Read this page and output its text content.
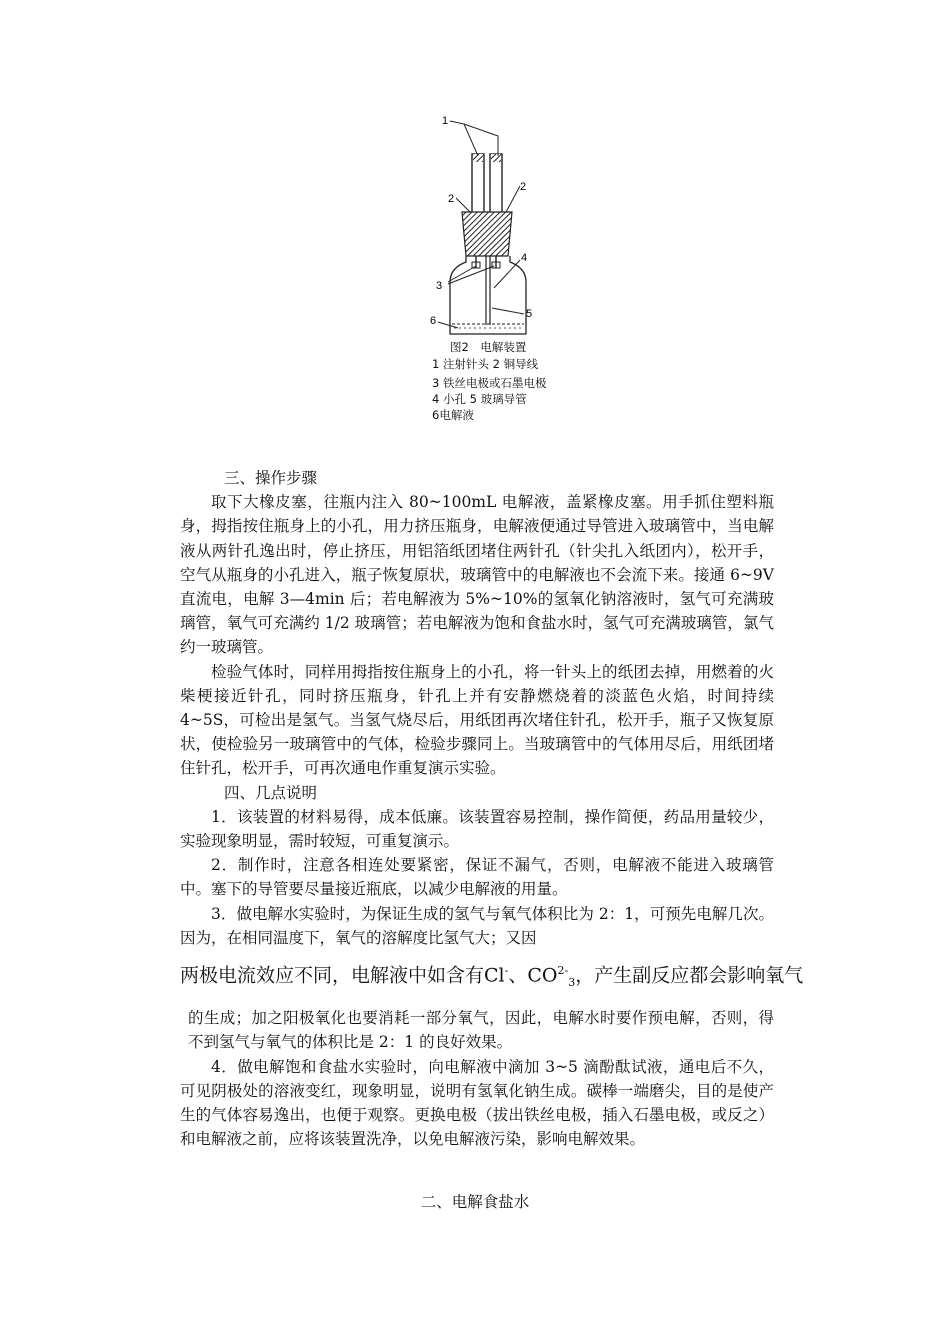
1
2
2
3
4
5
6
图2　电解装置
1 注射针头 2 铜导线
3 铁丝电极或石墨电极
4 小孔 5 玻璃导管
6电解液

三、操作步骤

取下大橡皮塞，往瓶内注入 80~100mL 电解液，盖紧橡皮塞。用手抓住塑料瓶身，拇指按住瓶身上的小孔，用力挤压瓶身，电解液便通过导管进入玻璃管中，当电解液从两针孔逸出时，停止挤压，用铝箔纸团堵住两针孔（针尖扎入纸团内），松开手，空气从瓶身的小孔进入，瓶子恢复原状，玻璃管中的电解液也不会流下来。接通 6~9V 直流电，电解 3—4min 后；若电解液为 5%~10%的氢氧化钠溶液时，氢气可充满玻璃管，氧气可充满约 1/2 玻璃管；若电解液为饱和食盐水时，氢气可充满玻璃管，氯气约一玻璃管。

检验气体时，同样用拇指按住瓶身上的小孔，将一针头上的纸团去掉，用燃着的火柴梗接近针孔，同时挤压瓶身，针孔上并有安静燃烧着的淡蓝色火焰，时间持续 4~5S，可检出是氢气。当氢气烧尽后，用纸团再次堵住针孔，松开手，瓶子又恢复原状，使检验另一玻璃管中的气体，检验步骤同上。当玻璃管中的气体用尽后，用纸团堵住针孔，松开手，可再次通电作重复演示实验。

四、几点说明

1．该装置的材料易得，成本低廉。该装置容易控制，操作简便，药品用量较少，实验现象明显，需时较短，可重复演示。

2．制作时，注意各相连处要紧密，保证不漏气，否则，电解液不能进入玻璃管中。塞下的导管要尽量接近瓶底，以减少电解液的用量。

3．做电解水实验时，为保证生成的氢气与氧气体积比为 2：1，可预先电解几次。因为，在相同温度下，氧气的溶解度比氢气大；又因

两极电流效应不同，电解液中如含有Cl-、$CO^{2-}_3$，产生副反应都会影响氧气

的生成；加之阳极氧化也要消耗一部分氧气，因此，电解水时要作预电解，否则，得不到氢气与氧气的体积比是 2：1 的良好效果。

4．做电解饱和食盐水实验时，向电解液中滴加 3~5 滴酚酞试液，通电后不久，可见阴极处的溶液变红，现象明显，说明有氢氧化钠生成。碳棒一端磨尖，目的是使产生的气体容易逸出，也便于观察。更换电极（拔出铁丝电极，插入石墨电极，或反之）和电解液之前，应将该装置洗净，以免电解液污染，影响电解效果。

二、电解食盐水
